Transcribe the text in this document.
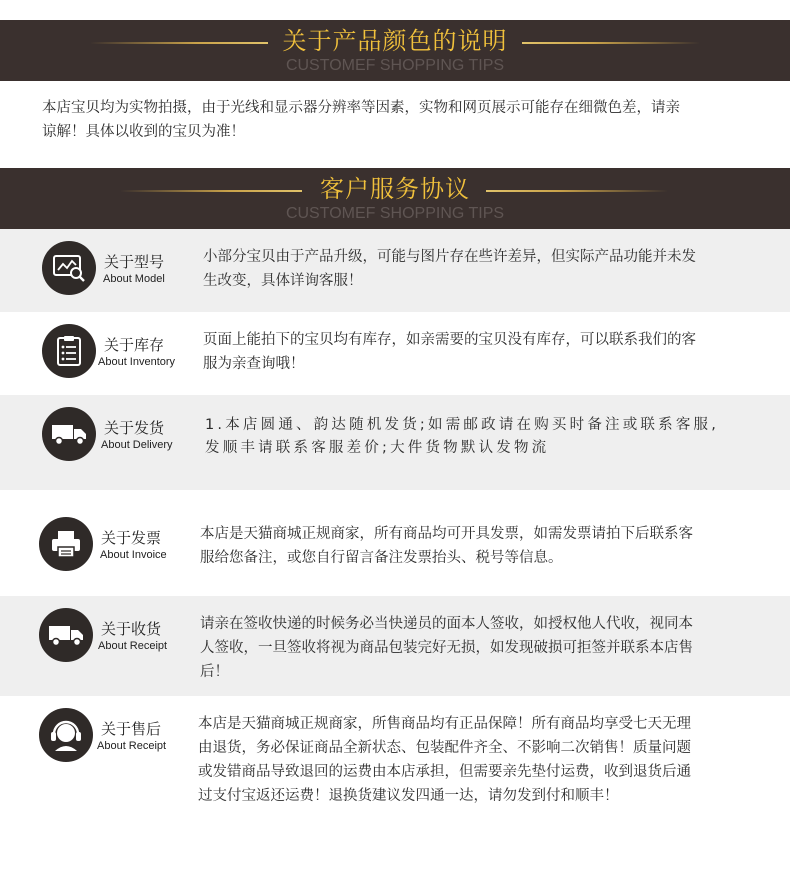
关于产品颜色的说明
CUSTOMEF SHOPPING TIPS
本店宝贝均为实物拍摄，由于光线和显示器分辨率等因素，实物和网页展示可能存在细微色差，请亲
谅解！具体以收到的宝贝为准！
客户服务协议
CUSTOMEF SHOPPING TIPS
关于型号
About Model
小部分宝贝由于产品升级，可能与图片存在些许差异，但实际产品功能并未发
生改变，具体详询客服！
关于库存
About Inventory
页面上能拍下的宝贝均有库存，如亲需要的宝贝没有库存，可以联系我们的客
服为亲查询哦！
关于发货
About Delivery
1.本店圆通、韵达随机发货;如需邮政请在购买时备注或联系客服,
发顺丰请联系客服差价;大件货物默认发物流
关于发票
About Invoice
本店是天猫商城正规商家，所有商品均可开具发票，如需发票请拍下后联系客
服给您备注，或您自行留言备注发票抬头、税号等信息。
关于收货
About Receipt
请亲在签收快递的时候务必当快递员的面本人签收，如授权他人代收，视同本
人签收，一旦签收将视为商品包装完好无损，如发现破损可拒签并联系本店售
后！
关于售后
About Receipt
本店是天猫商城正规商家，所售商品均有正品保障！所有商品均享受七天无理
由退货，务必保证商品全新状态、包装配件齐全、不影响二次销售！质量问题
或发错商品导致退回的运费由本店承担，但需要亲先垫付运费，收到退货后通
过支付宝返还运费！退换货建议发四通一达，请勿发到付和顺丰！
